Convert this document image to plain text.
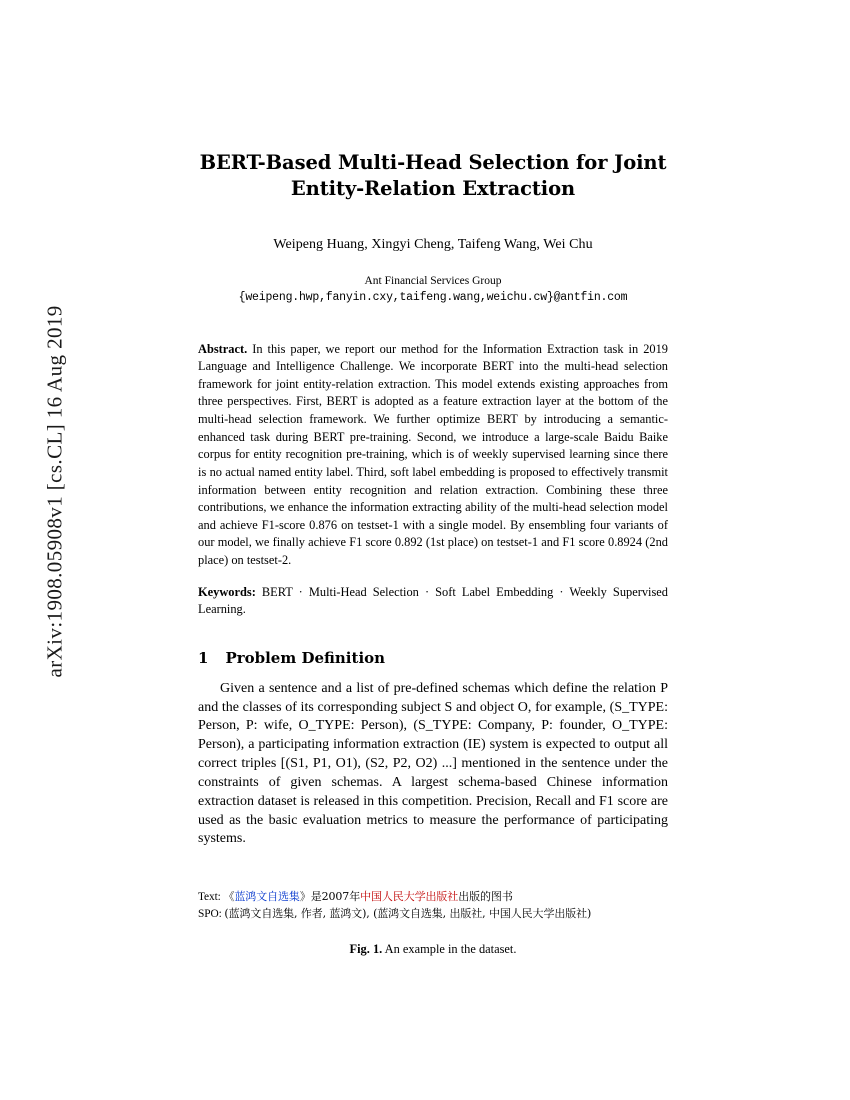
arXiv:1908.05908v1 [cs.CL] 16 Aug 2019
BERT-Based Multi-Head Selection for Joint
Entity-Relation Extraction
Weipeng Huang, Xingyi Cheng, Taifeng Wang, Wei Chu
Ant Financial Services Group
{weipeng.hwp,fanyin.cxy,taifeng.wang,weichu.cw}@antfin.com
Abstract. In this paper, we report our method for the Information Extraction task in 2019 Language and Intelligence Challenge. We incorporate BERT into the multi-head selection framework for joint entity-relation extraction. This model extends existing approaches from three perspectives. First, BERT is adopted as a feature extraction layer at the bottom of the multi-head selection framework. We further optimize BERT by introducing a semantic-enhanced task during BERT pre-training. Second, we introduce a large-scale Baidu Baike corpus for entity recognition pre-training, which is of weekly supervised learning since there is no actual named entity label. Third, soft label embedding is proposed to effectively transmit information between entity recognition and relation extraction. Combining these three contributions, we enhance the information extracting ability of the multi-head selection model and achieve F1-score 0.876 on testset-1 with a single model. By ensembling four variants of our model, we finally achieve F1 score 0.892 (1st place) on testset-1 and F1 score 0.8924 (2nd place) on testset-2.
Keywords: BERT · Multi-Head Selection · Soft Label Embedding · Weekly Supervised Learning.
1 Problem Definition

Given a sentence and a list of pre-defined schemas which define the relation P and the classes of its corresponding subject S and object O, for example, (S_TYPE: Person, P: wife, O_TYPE: Person), (S_TYPE: Company, P: founder, O_TYPE: Person), a participating information extraction (IE) system is expected to output all correct triples [(S1, P1, O1), (S2, P2, O2) ...] mentioned in the sentence under the constraints of given schemas. A largest schema-based Chinese information extraction dataset is released in this competition. Precision, Recall and F1 score are used as the basic evaluation metrics to measure the performance of participating systems.

Text: 《蓝鸿文自选集》是2007年中国人民大学出版社出版的图书
SPO: (蓝鸿文自选集, 作者, 蓝鸿文), (蓝鸿文自选集, 出版社, 中国人民大学出版社)
Fig. 1. An example in the dataset.
